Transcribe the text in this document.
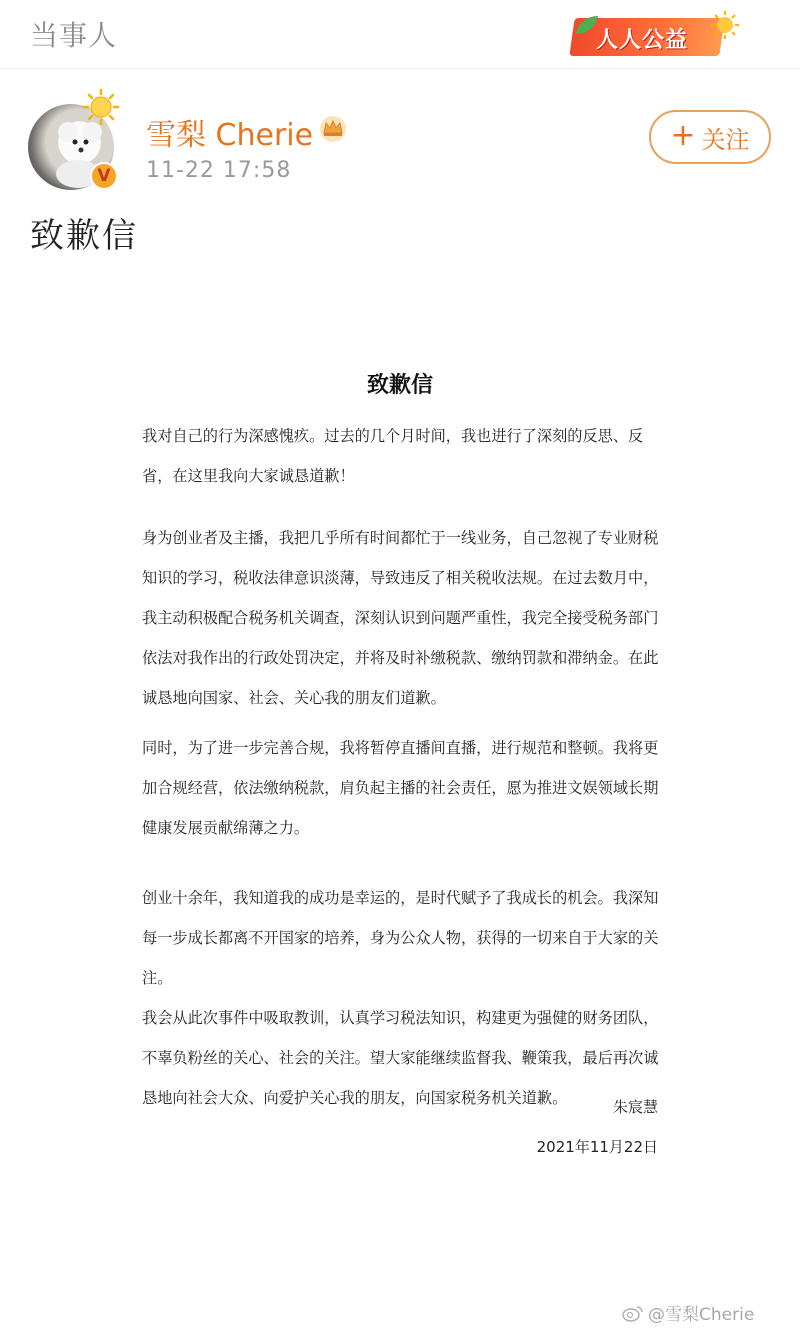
当事人	人人公益
V
雪梨 Cherie
11-22 17:58
+ 关注
致歉信
致歉信
我对自己的行为深感愧疚。过去的几个月时间，我也进行了深刻的反思、反
省，在这里我向大家诚恳道歉！
身为创业者及主播，我把几乎所有时间都忙于一线业务，自己忽视了专业财税
知识的学习，税收法律意识淡薄，导致违反了相关税收法规。在过去数月中，
我主动积极配合税务机关调查，深刻认识到问题严重性，我完全接受税务部门
依法对我作出的行政处罚决定，并将及时补缴税款、缴纳罚款和滞纳金。在此
诚恳地向国家、社会、关心我的朋友们道歉。
同时，为了进一步完善合规，我将暂停直播间直播，进行规范和整顿。我将更
加合规经营，依法缴纳税款，肩负起主播的社会责任，愿为推进文娱领域长期
健康发展贡献绵薄之力。
创业十余年，我知道我的成功是幸运的，是时代赋予了我成长的机会。我深知
每一步成长都离不开国家的培养，身为公众人物，获得的一切来自于大家的关
注。
我会从此次事件中吸取教训，认真学习税法知识，构建更为强健的财务团队，
不辜负粉丝的关心、社会的关注。望大家能继续监督我、鞭策我，最后再次诚
恳地向社会大众、向爱护关心我的朋友，向国家税务机关道歉。	朱宸慧
2021年11月22日
@雪梨Cherie
